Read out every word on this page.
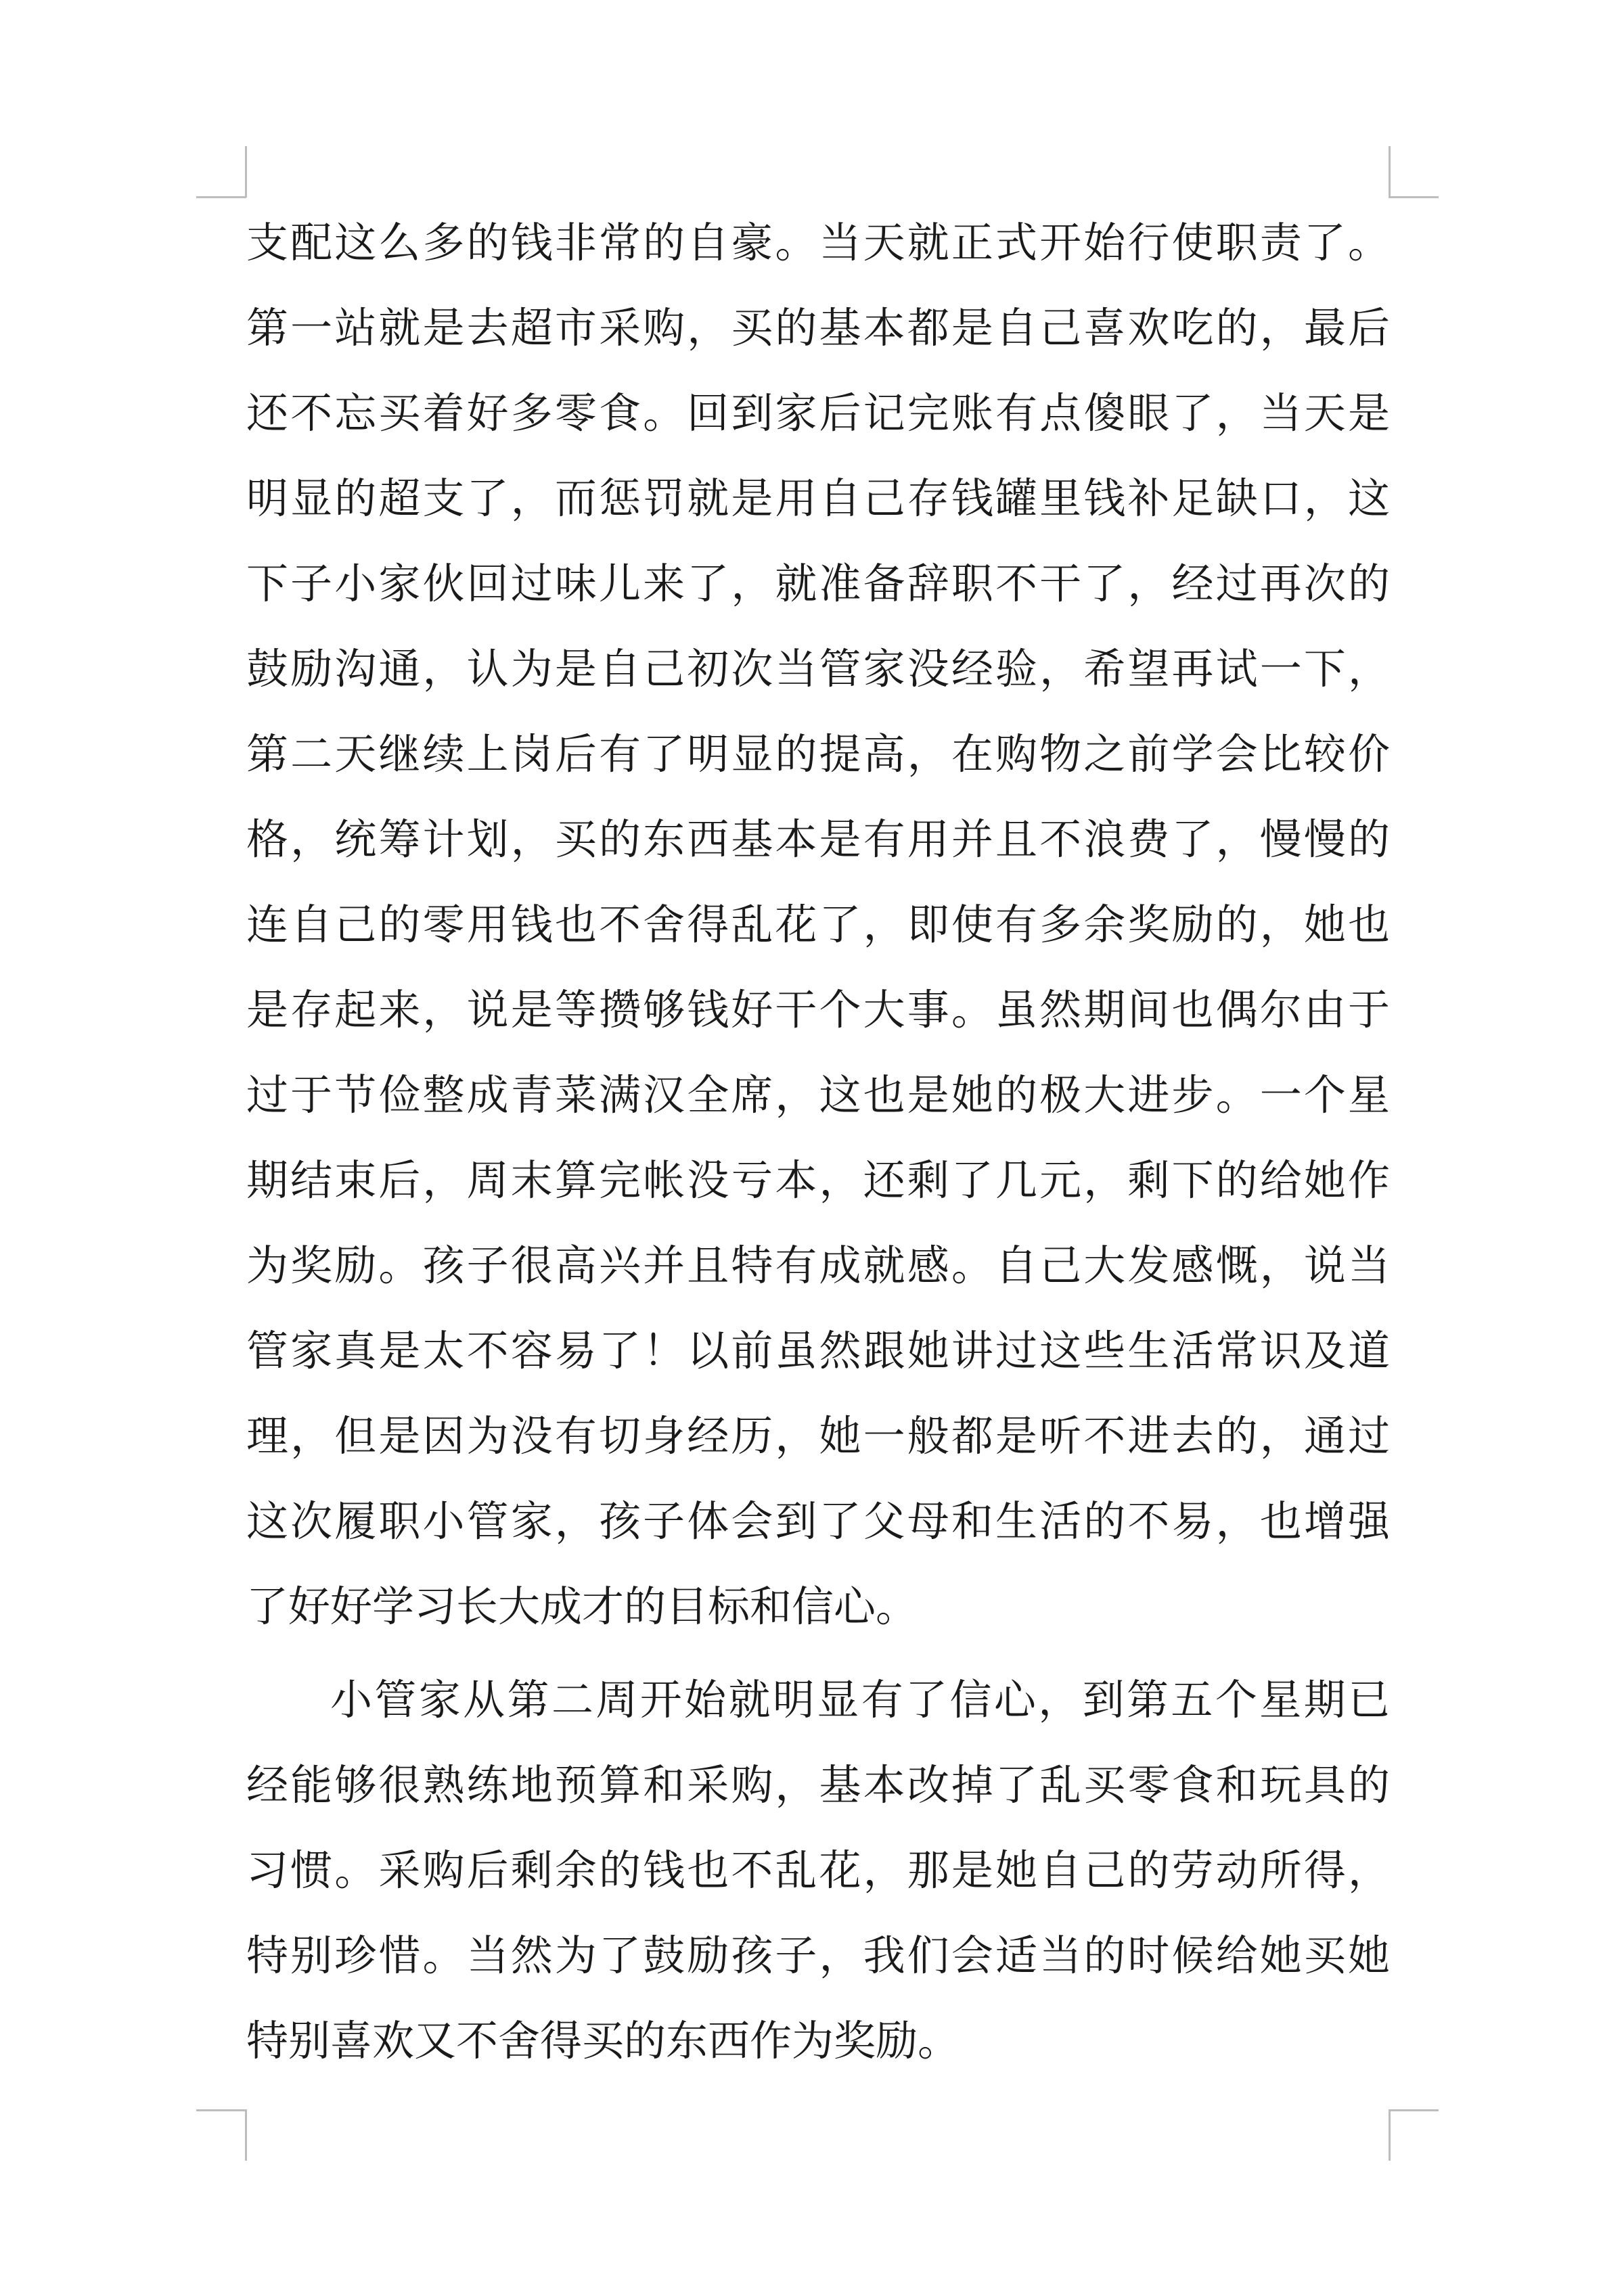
支配这么多的钱非常的自豪。当天就正式开始行使职责了。
第一站就是去超市采购，买的基本都是自己喜欢吃的，最后
还不忘买着好多零食。回到家后记完账有点傻眼了，当天是
明显的超支了，而惩罚就是用自己存钱罐里钱补足缺口，这
下子小家伙回过味儿来了，就准备辞职不干了，经过再次的
鼓励沟通，认为是自己初次当管家没经验，希望再试一下，
第二天继续上岗后有了明显的提高，在购物之前学会比较价
格，统筹计划，买的东西基本是有用并且不浪费了，慢慢的
连自己的零用钱也不舍得乱花了，即使有多余奖励的，她也
是存起来，说是等攒够钱好干个大事。虽然期间也偶尔由于
过于节俭整成青菜满汉全席，这也是她的极大进步。一个星
期结束后，周末算完帐没亏本，还剩了几元，剩下的给她作
为奖励。孩子很高兴并且特有成就感。自己大发感慨，说当
管家真是太不容易了！以前虽然跟她讲过这些生活常识及道
理，但是因为没有切身经历，她一般都是听不进去的，通过
这次履职小管家，孩子体会到了父母和生活的不易，也增强
了好好学习长大成才的目标和信心。
小管家从第二周开始就明显有了信心，到第五个星期已
经能够很熟练地预算和采购，基本改掉了乱买零食和玩具的
习惯。采购后剩余的钱也不乱花，那是她自己的劳动所得，
特别珍惜。当然为了鼓励孩子，我们会适当的时候给她买她
特别喜欢又不舍得买的东西作为奖励。
